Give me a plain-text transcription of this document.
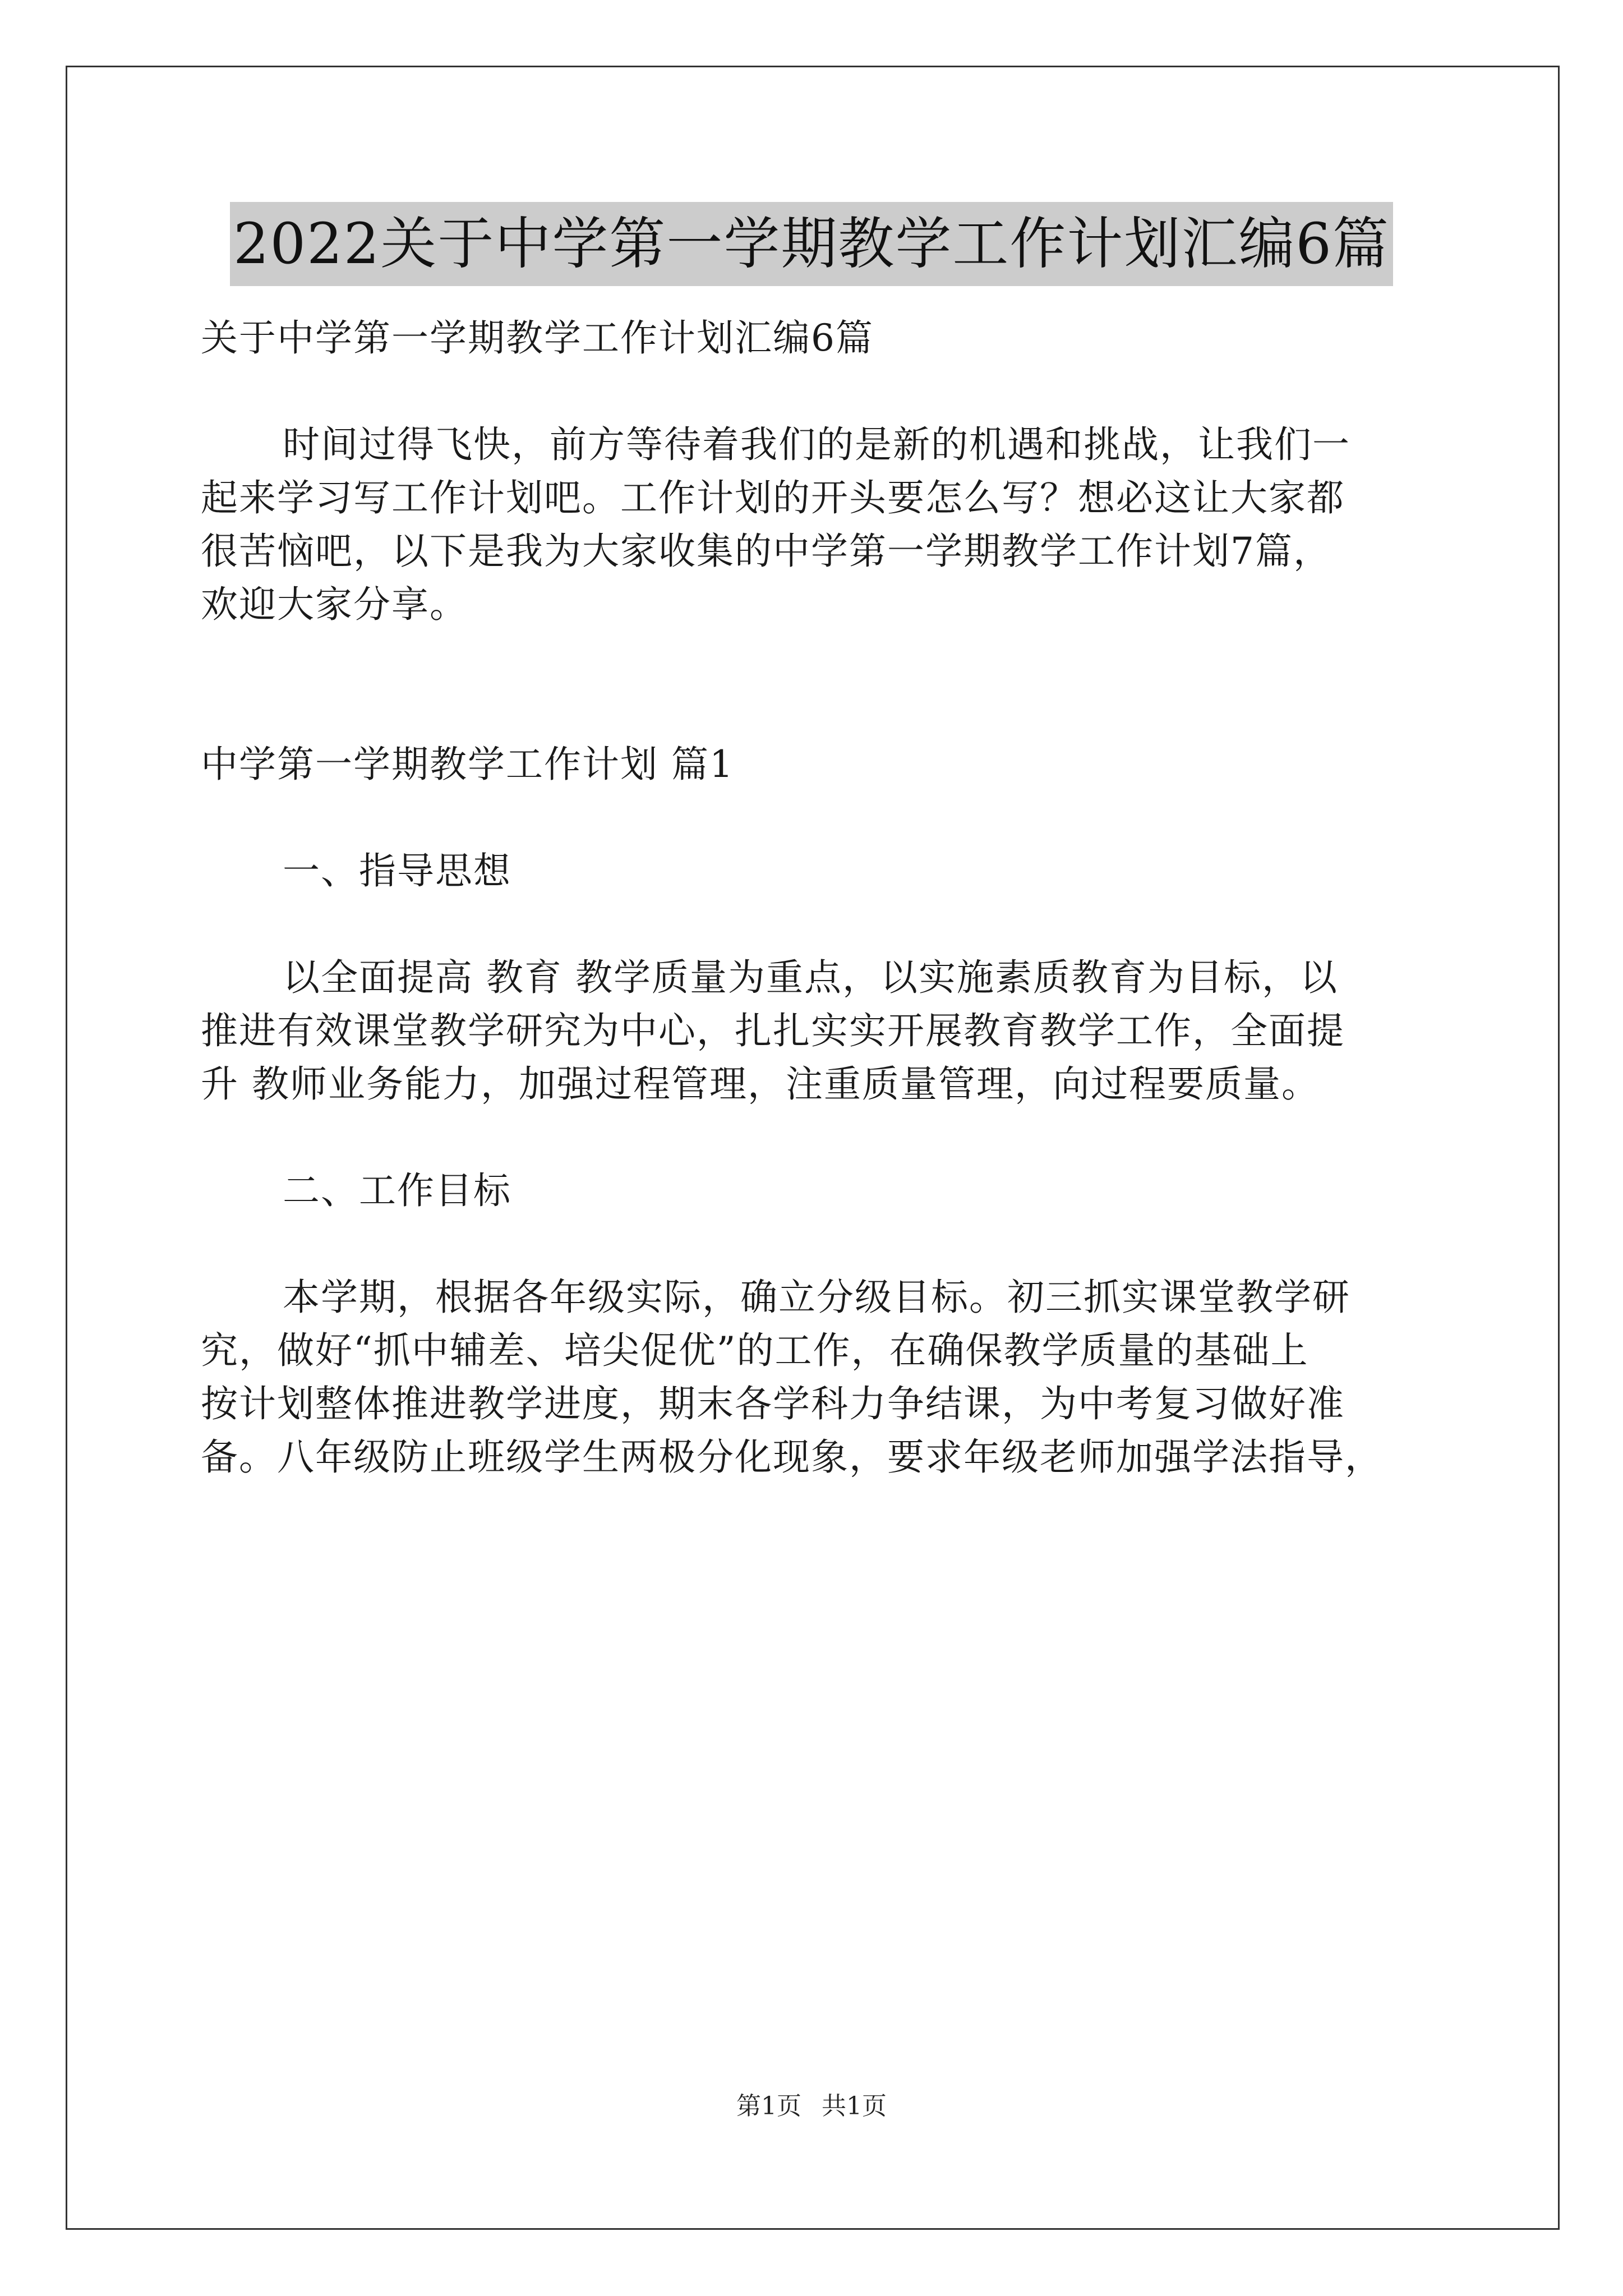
2022关于中学第一学期教学工作计划汇编6篇
关于中学第一学期教学工作计划汇编6篇
时间过得飞快，前方等待着我们的是新的机遇和挑战，让我们一
起来学习写工作计划吧。工作计划的开头要怎么写？想必这让大家都
很苦恼吧，以下是我为大家收集的中学第一学期教学工作计划7篇，
欢迎大家分享。
中学第一学期教学工作计划 篇1
一、指导思想
以全面提高 教育 教学质量为重点，以实施素质教育为目标，以
推进有效课堂教学研究为中心，扎扎实实开展教育教学工作，全面提
升 教师业务能力，加强过程管理，注重质量管理，向过程要质量。
二、工作目标
本学期，根据各年级实际，确立分级目标。初三抓实课堂教学研
究，做好“抓中辅差、培尖促优”的工作，在确保教学质量的基础上
按计划整体推进教学进度，期末各学科力争结课，为中考复习做好准
备。八年级防止班级学生两极分化现象，要求年级老师加强学法指导，
第1页 共1页
